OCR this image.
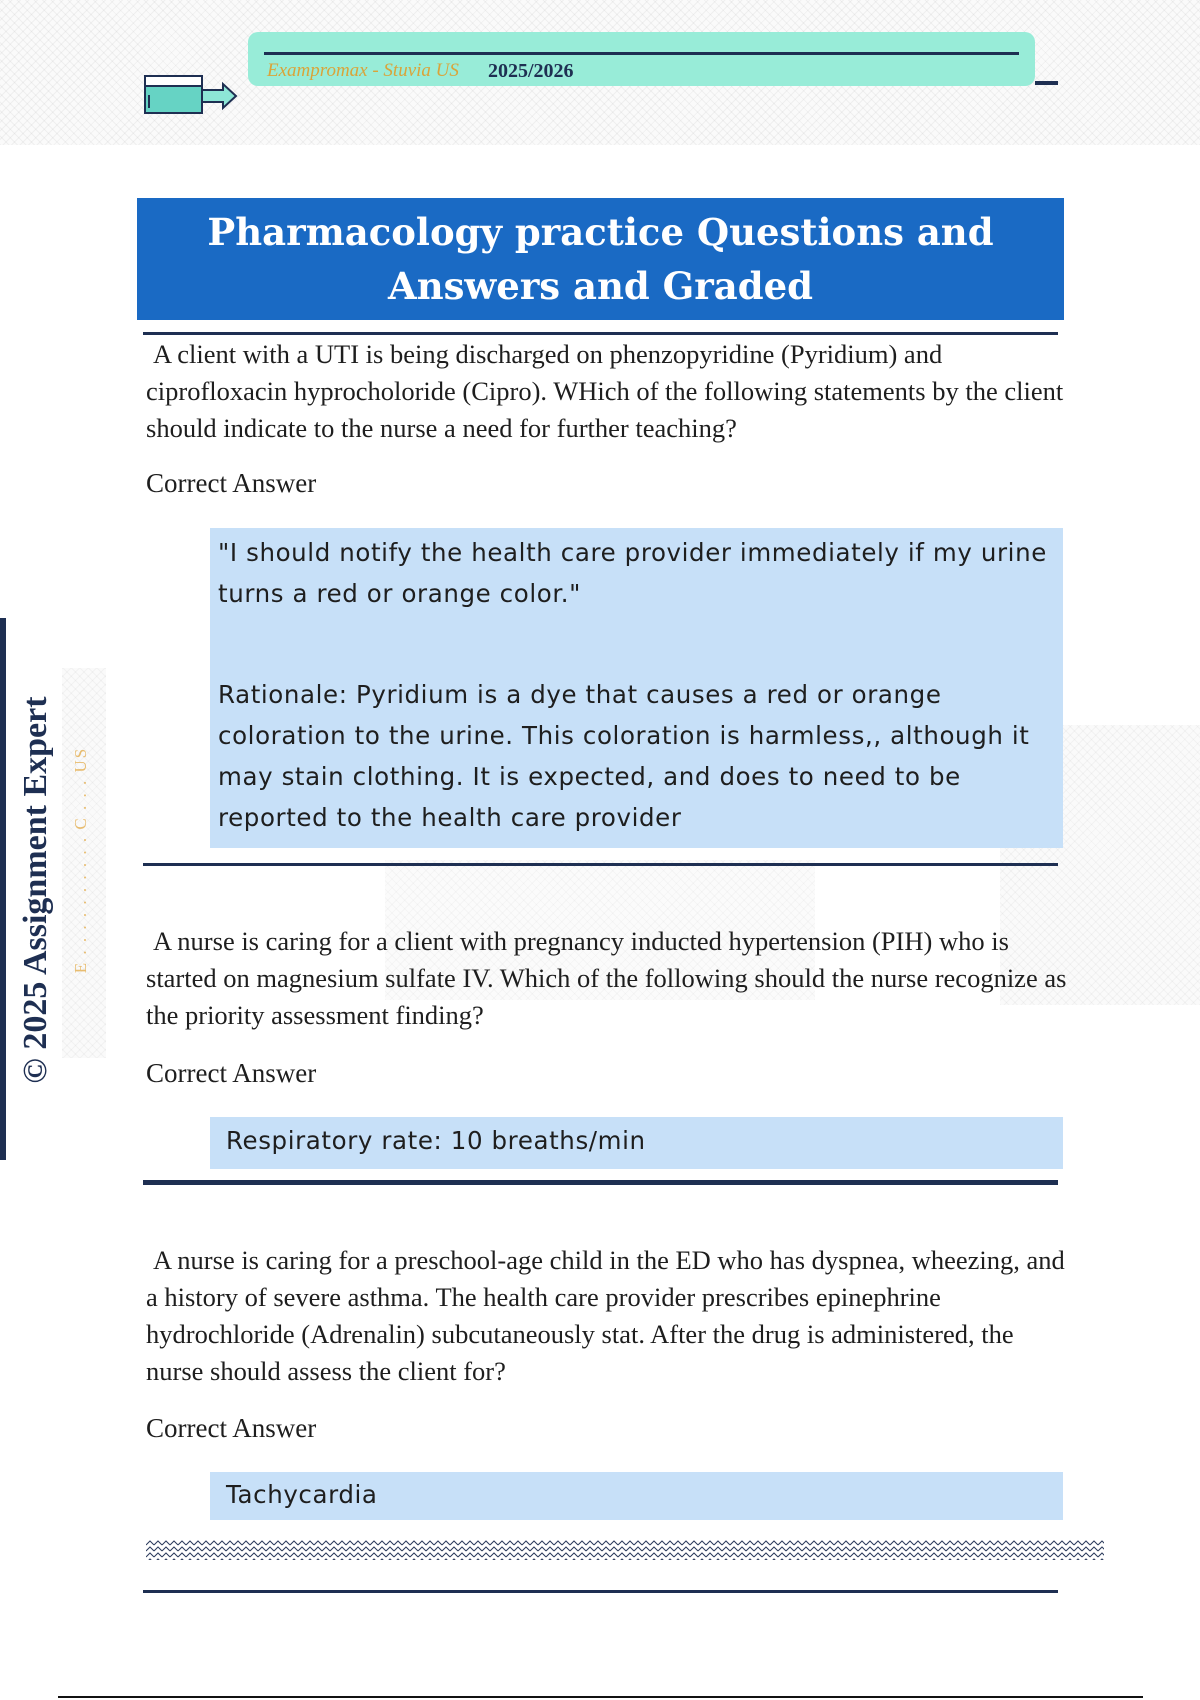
Exampromax - Stuvia US 2025/2026
© 2025 Assignment Expert E . . . . . . . . . . C . . . US
Pharmacology practice Questions and Answers and Graded
A client with a UTI is being discharged on phenzopyridine (Pyridium) and ciprofloxacin hyprocholoride (Cipro). WHich of the following statements by the client should indicate to the nurse a need for further teaching?
Correct Answer
"I should notify the health care provider immediately if my urine turns a red or orange color."
Rationale: Pyridium is a dye that causes a red or orange coloration to the urine. This coloration is harmless,, although it may stain clothing. It is expected, and does to need to be reported to the health care provider
A nurse is caring for a client with pregnancy inducted hypertension (PIH) who is started on magnesium sulfate IV. Which of the following should the nurse recognize as the priority assessment finding?
Correct Answer
Respiratory rate: 10 breaths/min
A nurse is caring for a preschool-age child in the ED who has dyspnea, wheezing, and a history of severe asthma. The health care provider prescribes epinephrine hydrochloride (Adrenalin) subcutaneously stat. After the drug is administered, the nurse should assess the client for?
Correct Answer
Tachycardia
